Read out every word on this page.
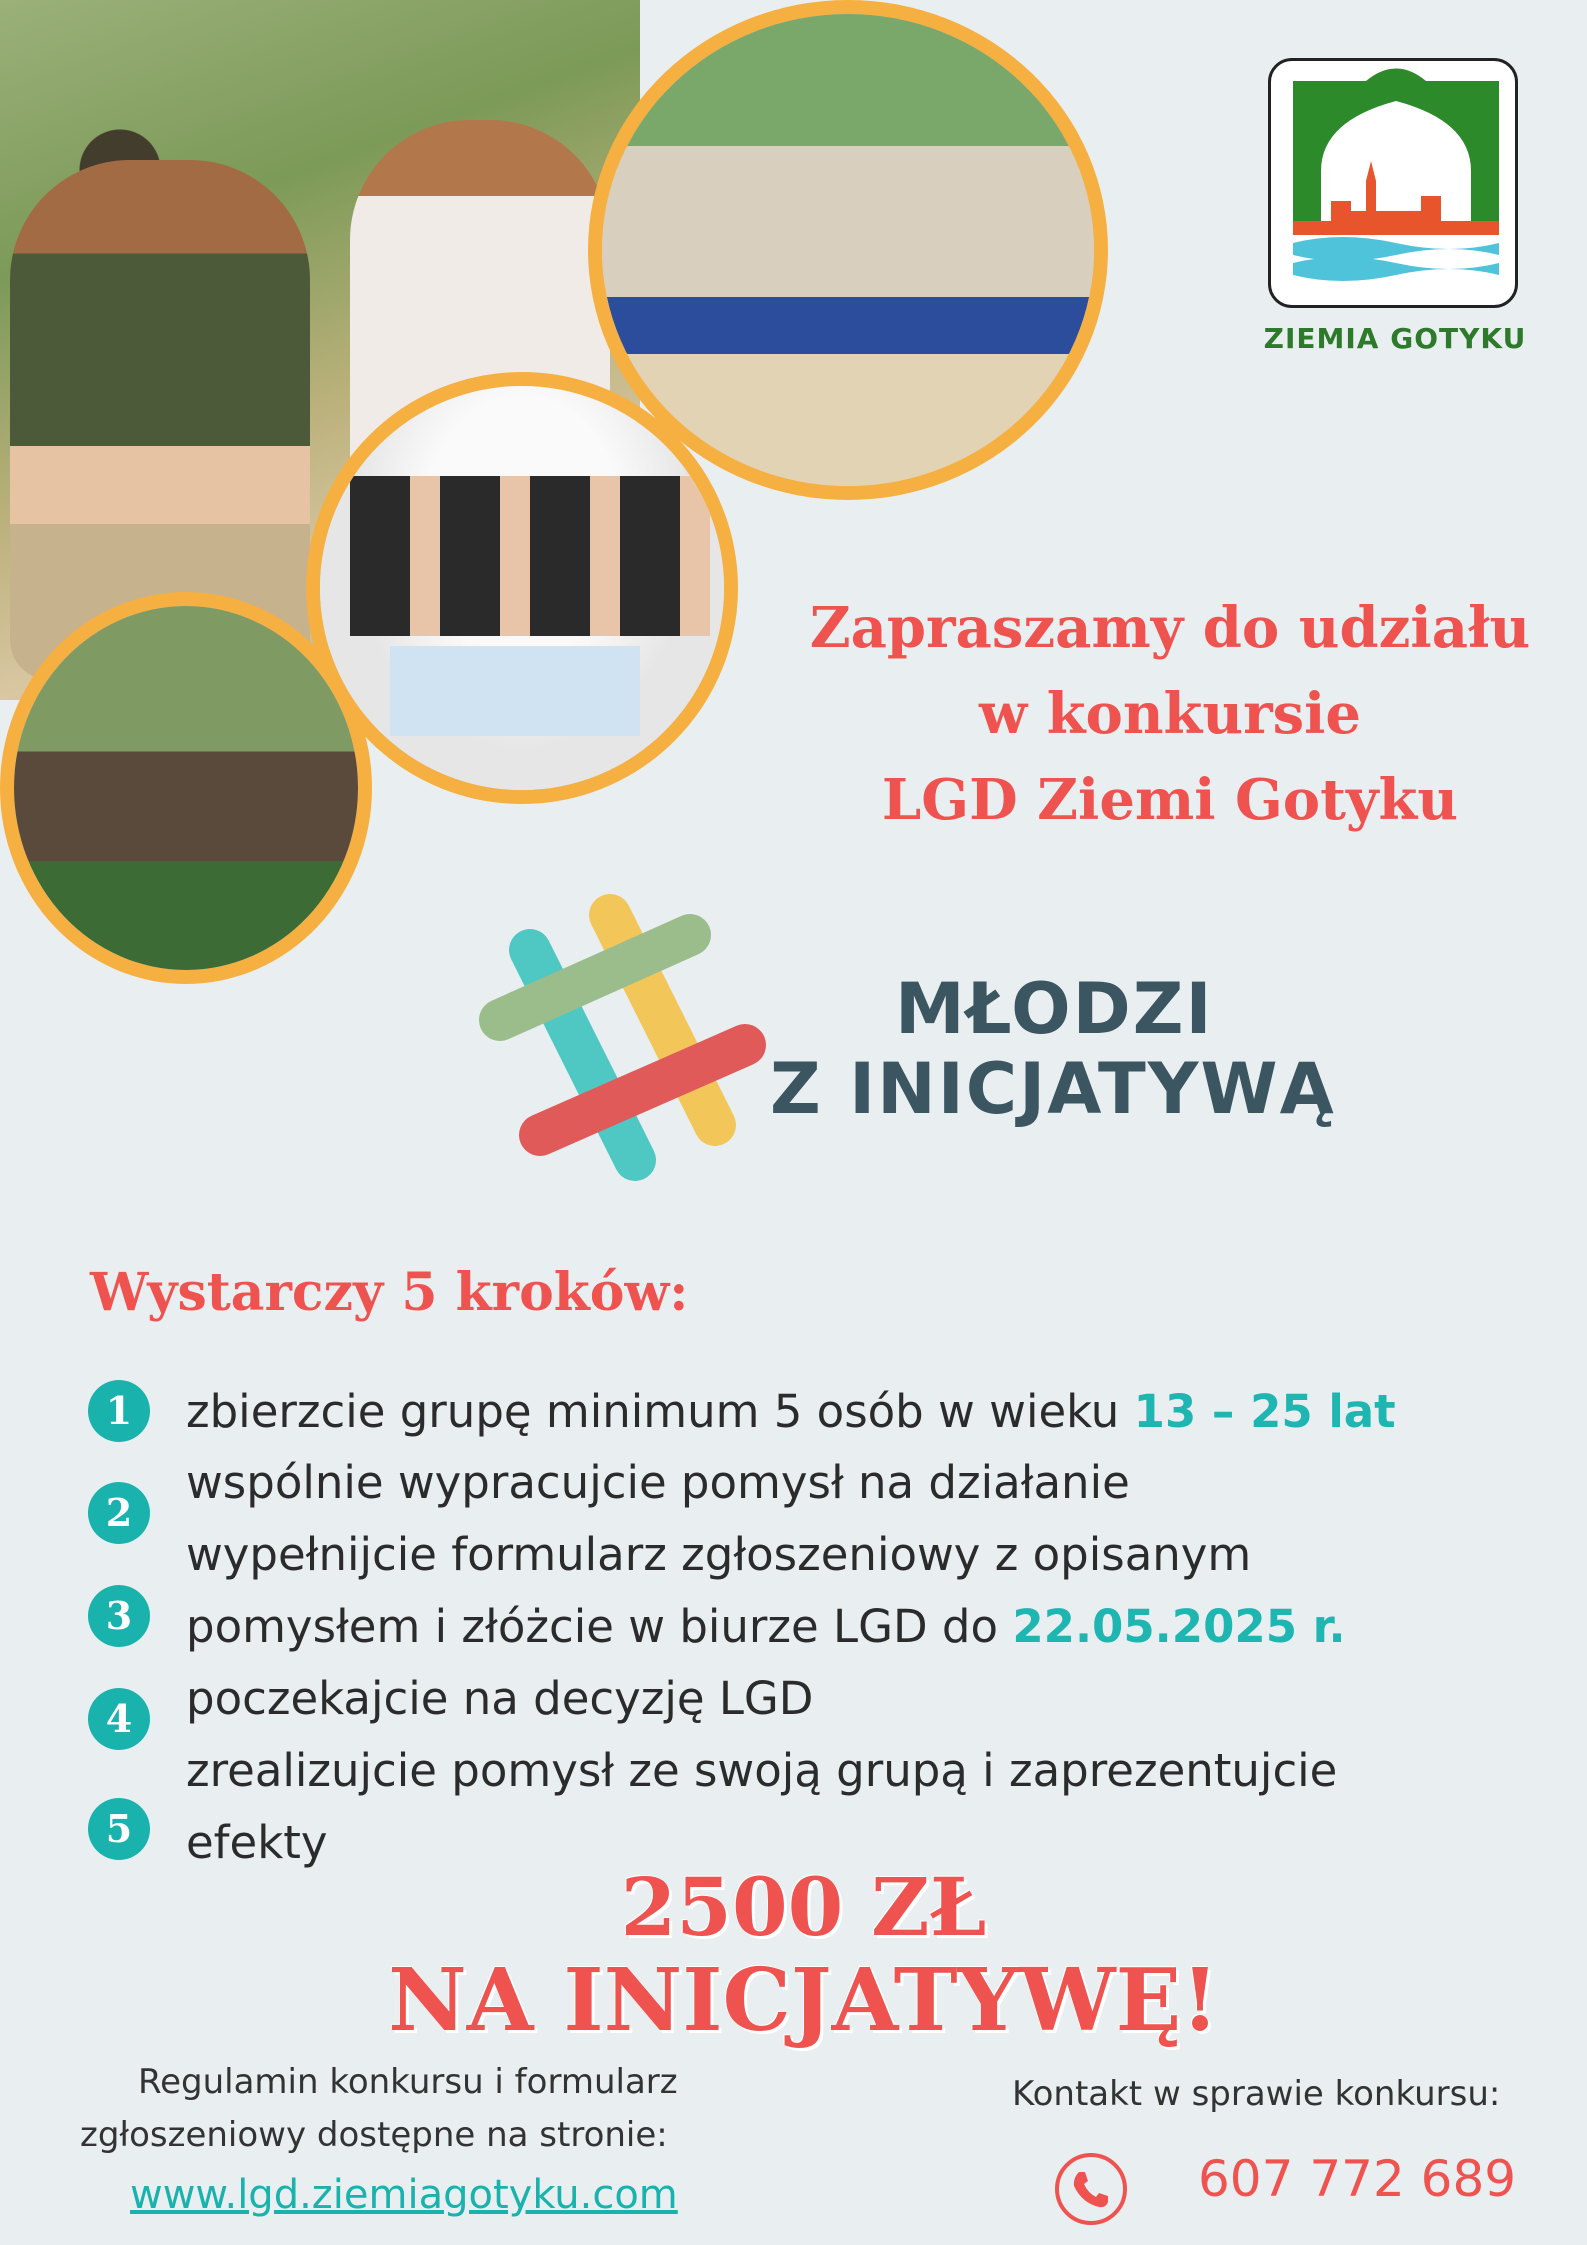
ZIEMIA GOTYKU
Zapraszamy do udziału
w konkursie
LGD Ziemi Gotyku
MŁODZI
Z INICJATYWĄ
Wystarczy 5 kroków:
1
2
3
4
5
zbierzcie grupę minimum 5 osób w wieku 13 – 25 lat
wspólnie wypracujcie pomysł na działanie
wypełnijcie formularz zgłoszeniowy z opisanym
pomysłem i złóżcie w biurze LGD do 22.05.2025 r.
poczekajcie na decyzję LGD
zrealizujcie pomysł ze swoją grupą i zaprezentujcie
efekty
2500 ZŁ
NA INICJATYWĘ!
Regulamin konkursu i formularz
zgłoszeniowy dostępne na stronie:
www.lgd.ziemiagotyku.com
Kontakt w sprawie konkursu:
607 772 689
